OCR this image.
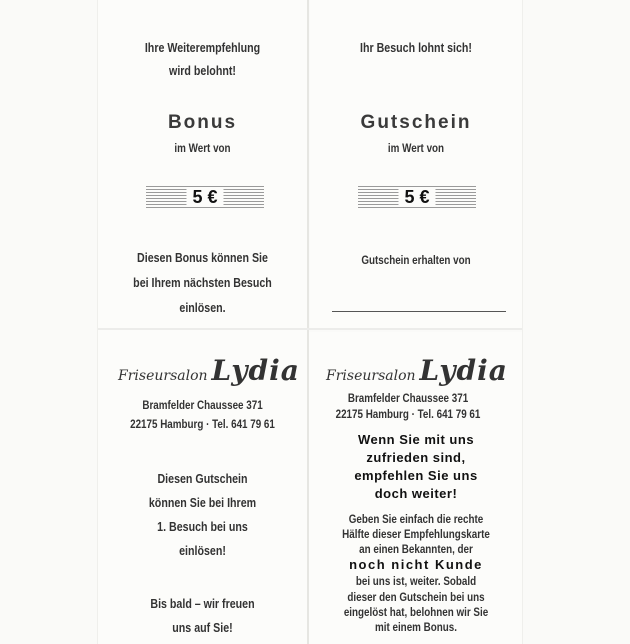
Ihre Weiterempfehlung
wird belohnt!
Bonus
im Wert von
5 €
Diesen Bonus können Sie
bei Ihrem nächsten Besuch
einlösen.
Ihr Besuch lohnt sich!
Gutschein
im Wert von
5 €
Gutschein erhalten von
Friseursalon Lydia
Bramfelder Chaussee 371
22175 Hamburg · Tel. 641 79 61
Diesen Gutschein
können Sie bei Ihrem
1. Besuch bei uns
einlösen!
Bis bald – wir freuen
uns auf Sie!
Friseursalon Lydia
Bramfelder Chaussee 371
22175 Hamburg · Tel. 641 79 61
Wenn Sie mit uns
zufrieden sind,
empfehlen Sie uns
doch weiter!
Geben Sie einfach die rechte
Hälfte dieser Empfehlungskarte
an einen Bekannten, der
noch nicht Kunde
bei uns ist, weiter. Sobald
dieser den Gutschein bei uns
eingelöst hat, belohnen wir Sie
mit einem Bonus.
